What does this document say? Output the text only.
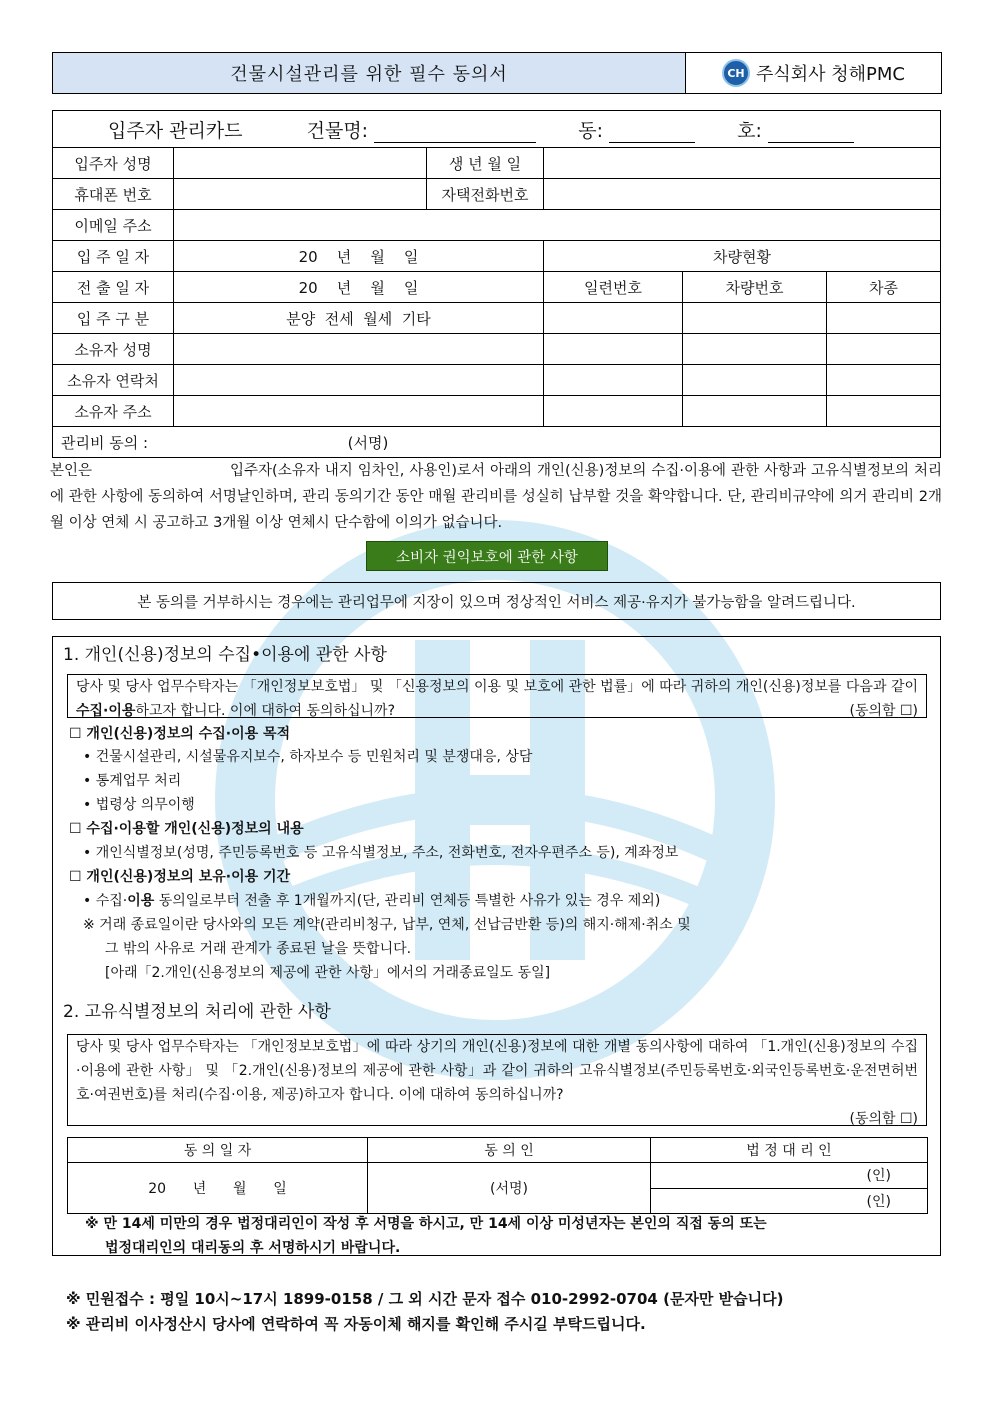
건물시설관리를 위한 필수 동의서	CH 주식회사 청해PMC
입주자 관리카드 건물명: 동: 호:					
입주자 성명		생 년 월 일			
휴대폰 번호		자택전화번호			
이메일 주소					
입 주 일 자	20    년    월    일		차량현황		
전 출 일 자	20    년    월    일		일련번호	차량번호	차종
입 주 구 분	분양  전세  월세  기타				
소유자 성명					
소유자 연락처					
소유자 주소					
관리비 동의 : (서명)					
본인은	입주자(소유자 내지 임차인, 사용인)로서 아래의 개인(신용)정보의 수집·이용에 관한 사항과 고유식별정보의 처리에 관한 사항에 동의하여 서명날인하며, 관리 동의기간 동안 매월 관리비를 성실히 납부할 것을 확약합니다. 단, 관리비규약에 의거 관리비 2개월 이상 연체 시 공고하고 3개월 이상 연체시 단수함에 이의가 없습니다.
소비자 권익보호에 관한 사항
본 동의를 거부하시는 경우에는 관리업무에 지장이 있으며 정상적인 서비스 제공·유지가 불가능함을 알려드립니다.
1. 개인(신용)정보의 수집•이용에 관한 사항
당사 및 당사 업무수탁자는 「개인정보보호법」 및 「신용정보의 이용 및 보호에 관한 법률」에 따라 귀하의 개인(신용)정보를 다음과 같이 수집·이용하고자 합니다. 이에 대하여 동의하십니까?	(동의함 ☐)
☐ 개인(신용)정보의 수집·이용 목적
• 건물시설관리, 시설물유지보수, 하자보수 등 민원처리 및 분쟁대응, 상담
• 통계업무 처리
• 법령상 의무이행
☐ 수집·이용할 개인(신용)정보의 내용
• 개인식별정보(성명, 주민등록번호 등 고유식별정보, 주소, 전화번호, 전자우편주소 등), 계좌정보
☐ 개인(신용)정보의 보유·이용 기간
• 수집·이용 동의일로부터 전출 후 1개월까지(단, 관리비 연체등 특별한 사유가 있는 경우 제외)
※ 거래 종료일이란 당사와의 모든 계약(관리비청구, 납부, 연체, 선납금반환 등)의 해지·해제·취소 및
그 밖의 사유로 거래 관계가 종료된 날을 뜻합니다.
[아래「2.개인(신용정보의 제공에 관한 사항」에서의 거래종료일도 동일]
2. 고유식별정보의 처리에 관한 사항
당사 및 당사 업무수탁자는 「개인정보보호법」에 따라 상기의 개인(신용)정보에 대한 개별 동의사항에 대하여 「1.개인(신용)정보의 수집·이용에 관한 사항」 및 「2.개인(신용)정보의 제공에 관한 사항」과 같이 귀하의 고유식별정보(주민등록번호·외국인등록번호·운전면허번호·여권번호)를 처리(수집·이용, 제공)하고자 합니다. 이에 대하여 동의하십니까?

(동의함 ☐)
동 의 일 자	동 의 인	법 정 대 리 인
20      년      월      일	(서명)	(인)
		(인)
※ 만 14세 미만의 경우 법정대리인이 작성 후 서명을 하시고, 만 14세 이상 미성년자는 본인의 직접 동의 또는
법정대리인의 대리동의 후 서명하시기 바랍니다.
※ 민원접수 : 평일 10시~17시 1899-0158 / 그 외 시간 문자 접수 010-2992-0704 (문자만 받습니다)
※ 관리비 이사정산시 당사에 연락하여 꼭 자동이체 해지를 확인해 주시길 부탁드립니다.
